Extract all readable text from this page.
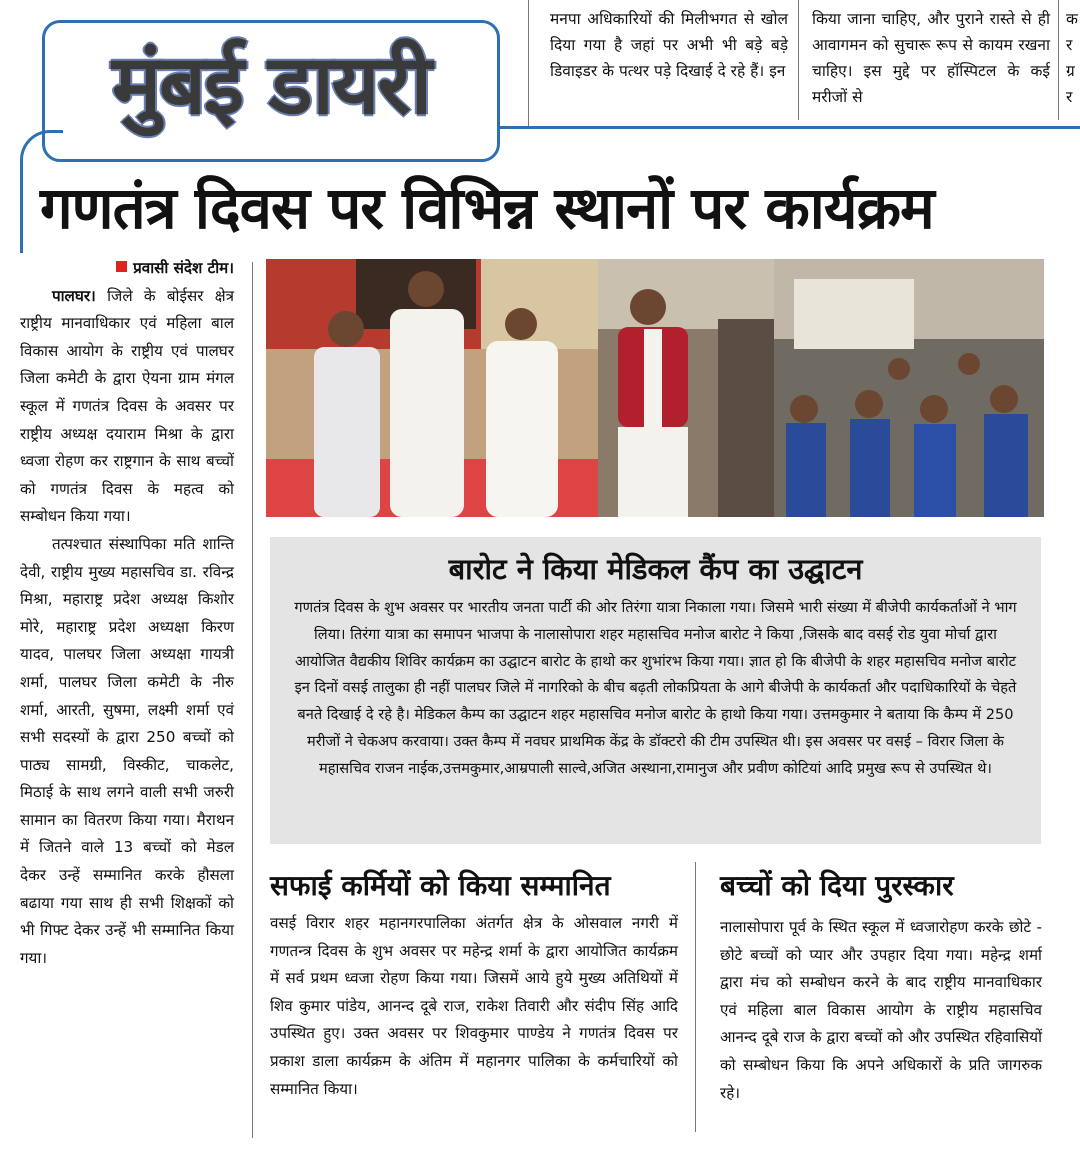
मनपा अधिकारियों की मिलीभगत से खोल दिया गया है जहां पर अभी भी बड़े बड़े डिवाइडर के पत्थर पड़े दिखाई दे रहे हैं। इन
किया जाना चाहिए, और पुराने रास्ते से ही आवागमन को सुचारू रूप से कायम रखना चाहिए। इस मुद्दे पर हॉस्पिटल के कई मरीजों से
क
र
ग्र
र
मुंबई डायरी
गणतंत्र दिवस पर विभिन्न स्थानों पर कार्यक्रम

प्रवासी संदेश टीम।

पालघर। जिले के बोईसर क्षेत्र राष्ट्रीय मानवाधिकार एवं महिला बाल विकास आयोग के राष्ट्रीय एवं पालघर जिला कमेटी के द्वारा ऐयना ग्राम मंगल स्कूल में गणतंत्र दिवस के अवसर पर राष्ट्रीय अध्यक्ष दयाराम मिश्रा के द्वारा ध्वजा रोहण कर राष्ट्रगान के साथ बच्चों को गणतंत्र दिवस के महत्व को सम्बोधन किया गया।

तत्पश्चात संस्थापिका मति शान्ति देवी, राष्ट्रीय मुख्य महासचिव डा. रविन्द्र मिश्रा, महाराष्ट्र प्रदेश अध्यक्ष किशोर मोरे, महाराष्ट्र प्रदेश अध्यक्षा किरण यादव, पालघर जिला अध्यक्षा गायत्री शर्मा, पालघर जिला कमेटी के नीरु शर्मा, आरती, सुषमा, लक्ष्मी शर्मा एवं सभी सदस्यों के द्वारा 250 बच्चों को पाठ्य सामग्री, विस्कीट, चाकलेट, मिठाई के साथ लगने वाली सभी जरुरी सामान का वितरण किया गया। मैराथन में जितने वाले 13 बच्चों को मेडल देकर उन्हें सम्मानित करके हौसला बढाया गया साथ ही सभी शिक्षकों को भी गिफ्ट देकर उन्हें भी सम्मानित किया गया।

बारोट ने किया मेडिकल कैंप का उद्घाटन
गणतंत्र दिवस के शुभ अवसर पर भारतीय जनता पार्टी की ओर तिरंगा यात्रा निकाला गया। जिसमे भारी संख्या में बीजेपी कार्यकर्ताओं ने भाग लिया। तिरंगा यात्रा का समापन भाजपा के नालासोपारा शहर महासचिव मनोज बारोट ने किया ,जिसके बाद वसई रोड युवा मोर्चा द्वारा आयोजित वैद्यकीय शिविर कार्यक्रम का उद्घाटन बारोट के हाथो कर शुभांरभ किया गया। ज्ञात हो कि बीजेपी के शहर महासचिव मनोज बारोट इन दिनों वसई तालुका ही नहीं पालघर जिले में नागरिको के बीच बढ़ती लोकप्रियता के आगे बीजेपी के कार्यकर्ता और पदाधिकारियों के चेहते बनते दिखाई दे रहे है। मेडिकल कैम्प का उद्घाटन शहर महासचिव मनोज बारोट के हाथो किया गया। उत्तमकुमार ने बताया कि कैम्प में 250 मरीजों ने चेकअप करवाया। उक्त कैम्प में नवघर प्राथमिक केंद्र के डॉक्टरो की टीम उपस्थित थी। इस अवसर पर वसई – विरार जिला के महासचिव राजन नाईक,उत्तमकुमार,आम्रपाली साल्वे,अजित अस्थाना,रामानुज और प्रवीण कोटियां आदि प्रमुख रूप से उपस्थित थे।
सफाई कर्मियों को किया सम्मानित
वसई विरार शहर महानगरपालिका अंतर्गत क्षेत्र के ओसवाल नगरी में गणतन्त्र दिवस के शुभ अवसर पर महेन्द्र शर्मा के द्वारा आयोजित कार्यक्रम में सर्व प्रथम ध्वजा रोहण किया गया। जिसमें आये हुये मुख्य अतिथियों में शिव कुमार पांडेय, आनन्द दूबे राज, राकेश तिवारी और संदीप सिंह आदि उपस्थित हुए। उक्त अवसर पर शिवकुमार पाण्डेय ने गणतंत्र दिवस पर प्रकाश डाला कार्यक्रम के अंतिम में महानगर पालिका के कर्मचारियों को सम्मानित किया।
बच्चों को दिया पुरस्कार
नालासोपारा पूर्व के स्थित स्कूल में ध्वजारोहण करके छोटे - छोटे बच्चों को प्यार और उपहार दिया गया। महेन्द्र शर्मा द्वारा मंच को सम्बोधन करने के बाद राष्ट्रीय मानवाधिकार एवं महिला बाल विकास आयोग के राष्ट्रीय महासचिव आनन्द दूबे राज के द्वारा बच्चों को और उपस्थित रहिवासियों को सम्बोधन किया कि अपने अधिकारों के प्रति जागरुक रहे।
